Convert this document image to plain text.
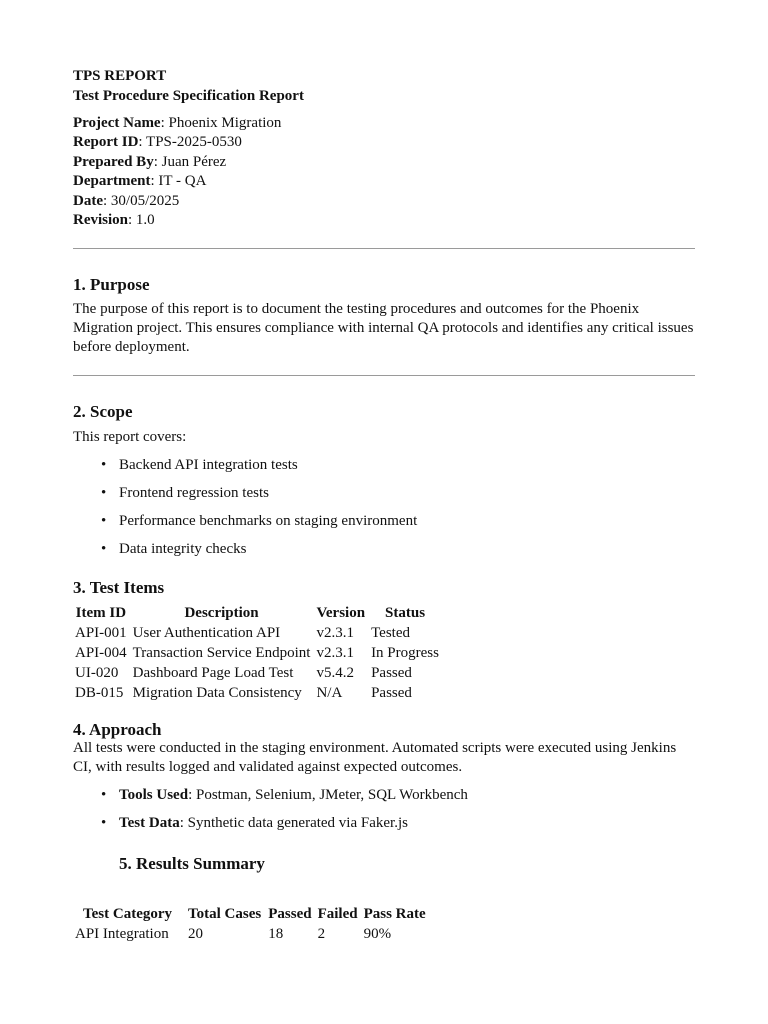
TPS REPORT

Test Procedure Specification Report

Project Name: Phoenix Migration

Report ID: TPS-2025-0530

Prepared By: Juan Pérez

Department: IT - QA

Date: 30/05/2025

Revision: 1.0

1. Purpose

The purpose of this report is to document the testing procedures and outcomes for the Phoenix Migration project. This ensures compliance with internal QA protocols and identifies any critical issues before deployment.

2. Scope

This report covers:

• Backend API integration tests
• Frontend regression tests
• Performance benchmarks on staging environment
• Data integrity checks
3. Test Items
Item ID	Description	Version	Status
API-001	User Authentication API	v2.3.1	Tested
API-004	Transaction Service Endpoint	v2.3.1	In Progress
UI-020	Dashboard Page Load Test	v5.4.2	Passed
DB-015	Migration Data Consistency	N/A	Passed
4. Approach

All tests were conducted in the staging environment. Automated scripts were executed using Jenkins CI, with results logged and validated against expected outcomes.

• Tools Used: Postman, Selenium, JMeter, SQL Workbench
• Test Data: Synthetic data generated via Faker.js
5. Results Summary
Test Category	Total Cases	Passed	Failed	Pass Rate
API Integration	20	18	2	90%
